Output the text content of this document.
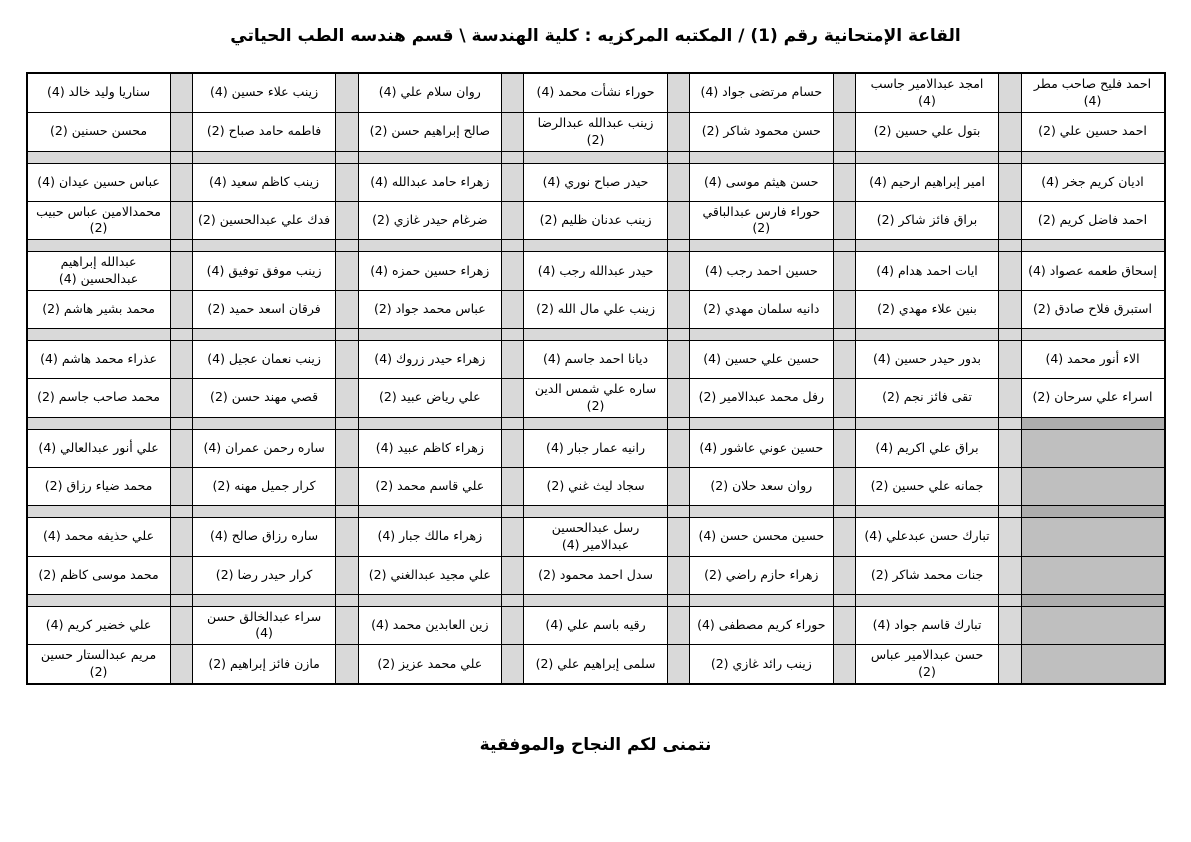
القاعة الإمتحانية رقم (1) / المكتبه المركزيه : كلية الهندسة \ قسم هندسه الطب الحياتي
احمد فليح صاحب مطر (4)		امجد عبدالامير جاسب (4)		حسام مرتضى جواد (4)		حوراء نشأت محمد (4)		روان سلام علي (4)		زينب علاء حسين (4)		سناريا وليد خالد (4)
احمد حسين علي (2)		بتول علي حسين (2)		حسن محمود شاكر (2)		زينب عبدالله عبدالرضا (2)		صالح إبراهيم حسن (2)		فاطمه حامد صباح (2)		محسن حسنين (2)

اديان كريم جخر (4)		امير إبراهيم ارحيم (4)		حسن هيثم موسى (4)		حيدر صباح نوري (4)		زهراء حامد عبدالله (4)		زينب كاظم سعيد (4)		عباس حسين عيدان (4)
احمد فاضل كريم (2)		براق فائز شاكر (2)		حوراء فارس عبدالباقي (2)		زينب عدنان ظليم (2)		ضرغام حيدر غازي (2)		فدك علي عبدالحسين (2)		محمدالامين عباس حبيب (2)

إسحاق طعمه عصواد (4)		ايات احمد هدام (4)		حسين احمد رجب (4)		حيدر عبدالله رجب (4)		زهراء حسين حمزه (4)		زينب موفق توفيق (4)		عبدالله إبراهيم عبدالحسين (4)
استبرق فلاح صادق (2)		بنين علاء مهدي (2)		دانيه سلمان مهدي (2)		زينب علي مال الله (2)		عباس محمد جواد (2)		فرقان اسعد حميد (2)		محمد بشير هاشم (2)

الاء أنور محمد (4)		بدور حيدر حسين (4)		حسين علي حسين (4)		ديانا احمد جاسم (4)		زهراء حيدر زروك (4)		زينب نعمان عجيل (4)		عذراء محمد هاشم (4)
اسراء علي سرحان (2)		تقى فائز نجم (2)		رفل محمد عبدالامير (2)		ساره علي شمس الدين (2)		علي رياض عبيد (2)		قصي مهند حسن (2)		محمد صاحب جاسم (2)

		براق علي اكريم (4)		حسين عوني عاشور (4)		رانيه عمار جبار (4)		زهراء كاظم عبيد (4)		ساره رحمن عمران (4)		علي أنور عبدالعالي (4)
		جمانه علي حسين (2)		روان سعد حلان (2)		سجاد ليث غني (2)		علي قاسم محمد (2)		كرار جميل مهنه (2)		محمد ضياء رزاق (2)

		تبارك حسن عبدعلي (4)		حسين محسن حسن (4)		رسل عبدالحسين عبدالامير (4)		زهراء مالك جبار (4)		ساره رزاق صالح (4)		علي حذيفه محمد (4)
		جنات محمد شاكر (2)		زهراء حازم راضي (2)		سدل احمد محمود (2)		علي مجيد عبدالغني (2)		كرار حيدر رضا (2)		محمد موسى كاظم (2)

		تبارك قاسم جواد (4)		حوراء كريم مصطفى (4)		رقيه باسم علي (4)		زين العابدين محمد (4)		سراء عبدالخالق حسن (4)		علي خضير كريم (4)
		حسن عبدالامير عباس (2)		زينب رائد غازي (2)		سلمى إبراهيم علي (2)		علي محمد عزيز (2)		مازن فائز إبراهيم (2)		مريم عبدالستار حسين (2)
نتمنى لكم النجاح والموفقية
